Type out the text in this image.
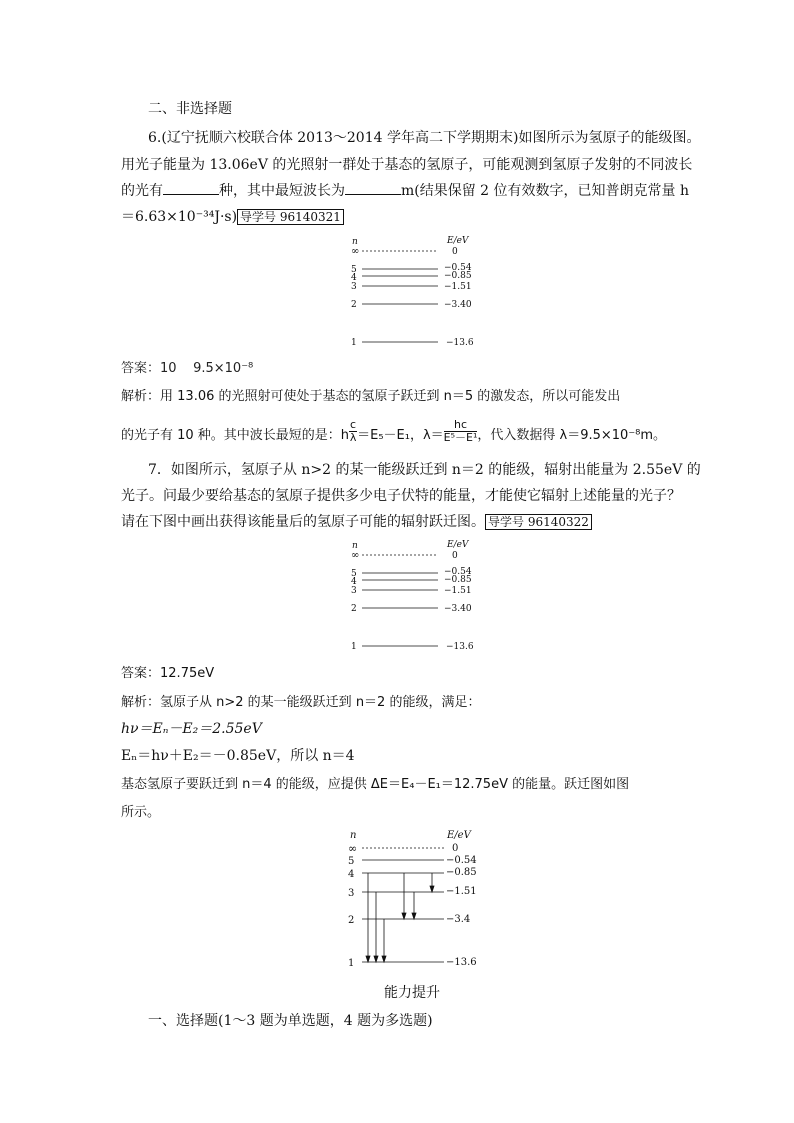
二、非选择题
6.(辽宁抚顺六校联合体 2013～2014 学年高二下学期期末)如图所示为氢原子的能级图。
用光子能量为 13.06eV 的光照射一群处于基态的氢原子，可能观测到氢原子发射的不同波长
的光有	种，其中最短波长为	m(结果保留 2 位有效数字，已知普朗克常量 h
＝6.63×10⁻³⁴J·s) 导学号 96140321
n	E/eV
∞	0
5	−0.54
4	−0.85
3	−1.51
2	−3.40
1	−13.6
答案：10    9.5×10⁻⁸
解析：用 13.06 的光照射可使处于基态的氢原子跃迁到 n＝5 的激发态，所以可能发出
的光子有 10 种。其中波长最短的是：h $\frac{c}{\lambda} =E_5-E_1$，$\lambda= \frac{hc}{\text{E⁵－E¹}}$ ，代入数据得 λ＝9.5×10⁻⁸m。
7．如图所示，氢原子从 n>2 的某一能级跃迁到 n＝2 的能级，辐射出能量为 2.55eV 的
光子。问最少要给基态的氢原子提供多少电子伏特的能量，才能使它辐射上述能量的光子？
请在下图中画出获得该能量后的氢原子可能的辐射跃迁图。 导学号 96140322
n	E/eV
∞	0
5	−0.54
4	−0.85
3	−1.51
2	−3.40
1	−13.6
答案：12.75eV
解析：氢原子从 n>2 的某一能级跃迁到 n＝2 的能级，满足：
hν＝Eₙ－E₂＝2.55eV
Eₙ＝hν＋E₂＝－0.85eV，所以 n＝4
基态氢原子要跃迁到 n＝4 的能级，应提供 ΔE＝E₄－E₁＝12.75eV 的能量。跃迁图如图
所示。
n	E/eV
∞	0
5	−0.54
4	−0.85
3	−1.51
2	−3.4
1	−13.6
能力提升
一、选择题(1～3 题为单选题，4 题为多选题)
